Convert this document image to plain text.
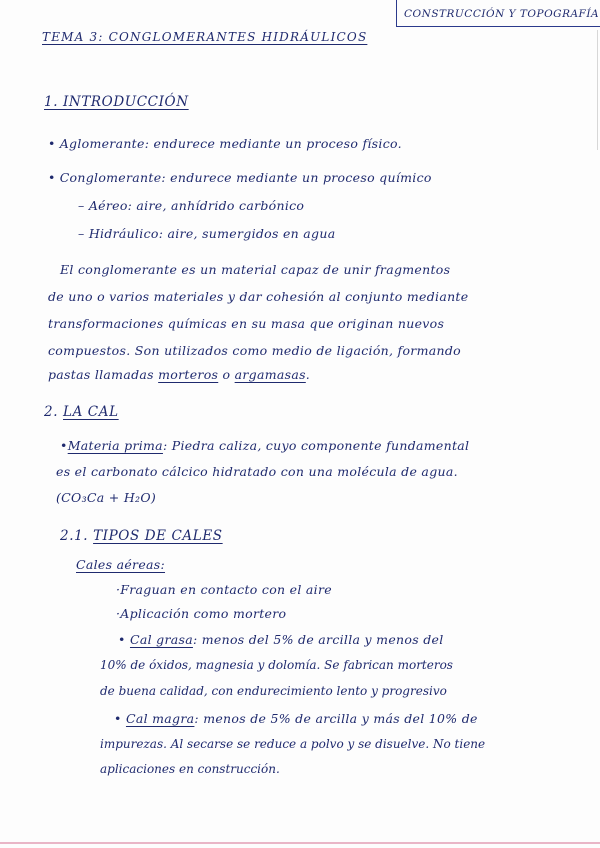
CONSTRUCCIÓN Y TOPOGRAFÍA
TEMA 3: CONGLOMERANTES HIDRÁULICOS
1. INTRODUCCIÓN
• Aglomerante: endurece mediante un proceso físico.
• Conglomerante: endurece mediante un proceso químico
– Aéreo: aire, anhídrido carbónico
– Hidráulico: aire, sumergidos en agua
El conglomerante es un material capaz de unir fragmentos
de uno o varios materiales y dar cohesión al conjunto mediante
transformaciones químicas en su masa que originan nuevos
compuestos. Son utilizados como medio de ligación, formando
pastas llamadas morteros o argamasas.
2. LA CAL
•Materia prima: Piedra caliza, cuyo componente fundamental
es el carbonato cálcico hidratado con una molécula de agua.
(CO₃Ca + H₂O)
2.1. TIPOS DE CALES
Cales aéreas:
·Fraguan en contacto con el aire
·Aplicación como mortero
• Cal grasa: menos del 5% de arcilla y menos del
10% de óxidos, magnesia y dolomía. Se fabrican morteros
de buena calidad, con endurecimiento lento y progresivo
• Cal magra: menos de 5% de arcilla y más del 10% de
impurezas. Al secarse se reduce a polvo y se disuelve. No tiene
aplicaciones en construcción.
